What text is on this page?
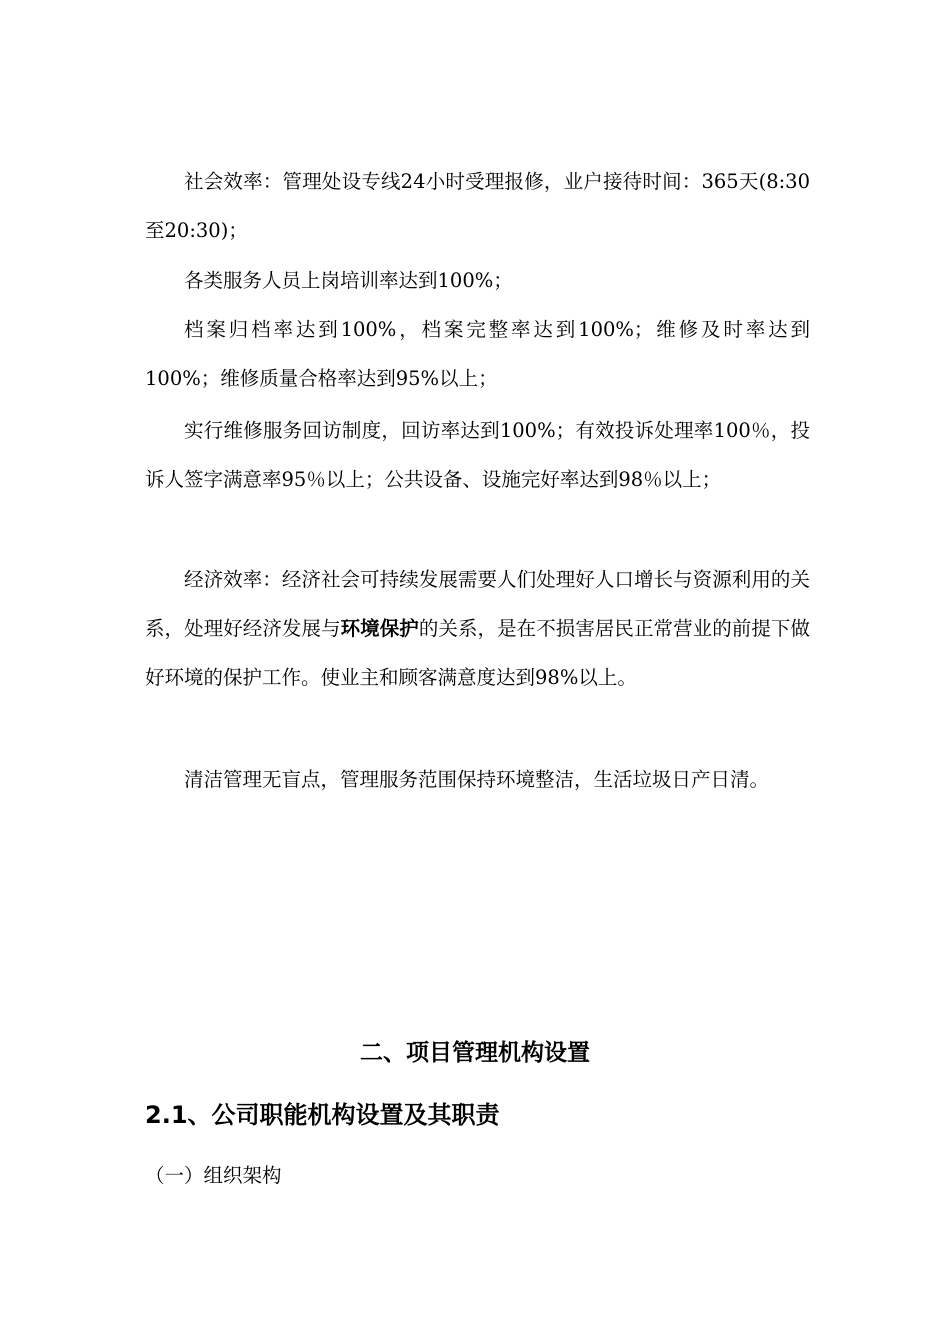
社会效率：管理处设专线24小时受理报修，业户接待时间：365天(8:30至20:30)；

各类服务人员上岗培训率达到100%；

档案归档率达到100%，档案完整率达到100%；维修及时率达到100%；维修质量合格率达到95%以上；

实行维修服务回访制度，回访率达到100%；有效投诉处理率100％，投诉人签字满意率95％以上；公共设备、设施完好率达到98％以上；

经济效率：经济社会可持续发展需要人们处理好人口增长与资源利用的关系，处理好经济发展与环境保护的关系，是在不损害居民正常营业的前提下做好环境的保护工作。使业主和顾客满意度达到98%以上。

清洁管理无盲点，管理服务范围保持环境整洁，生活垃圾日产日清。

二、项目管理机构设置
2.1、公司职能机构设置及其职责

（一）组织架构
